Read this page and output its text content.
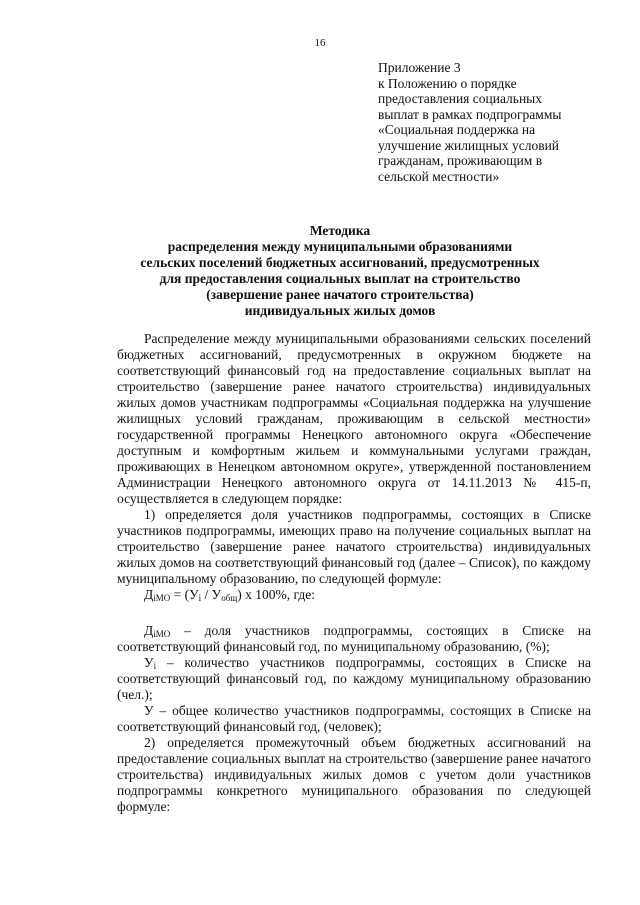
16
Приложение 3
к Положению о порядке
предоставления социальных
выплат в рамках подпрограммы
«Социальная поддержка на
улучшение жилищных условий
гражданам, проживающим в
сельской местности»
Методика
распределения между муниципальными образованиями
сельских поселений бюджетных ассигнований, предусмотренных
для предоставления социальных выплат на строительство
(завершение ранее начатого строительства)
индивидуальных жилых домов

Распределение между муниципальными образованиями сельских поселений бюджетных ассигнований, предусмотренных в окружном бюджете на соответствующий финансовый год на предоставление социальных выплат на строительство (завершение ранее начатого строительства) индивидуальных жилых домов участникам подпрограммы «Социальная поддержка на улучшение жилищных условий гражданам, проживающим в сельской местности» государственной программы Ненецкого автономного округа «Обеспечение доступным и комфортным жильем и коммунальными услугами граждан, проживающих в Ненецком автономном округе», утвержденной постановлением Администрации Ненецкого автономного округа от 14.11.2013 № 415-п, осуществляется в следующем порядке:

1) определяется доля участников подпрограммы, состоящих в Списке участников подпрограммы, имеющих право на получение социальных выплат на строительство (завершение ранее начатого строительства) индивидуальных жилых домов на соответствующий финансовый год (далее – Список), по каждому муниципальному образованию, по следующей формуле:

$Д_{iМО} = (У_i / У_{общ})$ х 100%, где:

$Д_{iМО}$ – доля участников подпрограммы, состоящих в Списке на соответствующий финансовый год, по муниципальному образованию, (%);

$У_i$ – количество участников подпрограммы, состоящих в Списке на соответствующий финансовый год, по каждому муниципальному образованию (чел.);

У – общее количество участников подпрограммы, состоящих в Списке на соответствующий финансовый год, (человек);

2) определяется промежуточный объем бюджетных ассигнований на предоставление социальных выплат на строительство (завершение ранее начатого строительства) индивидуальных жилых домов с учетом доли участников подпрограммы конкретного муниципального образования по следующей формуле:
